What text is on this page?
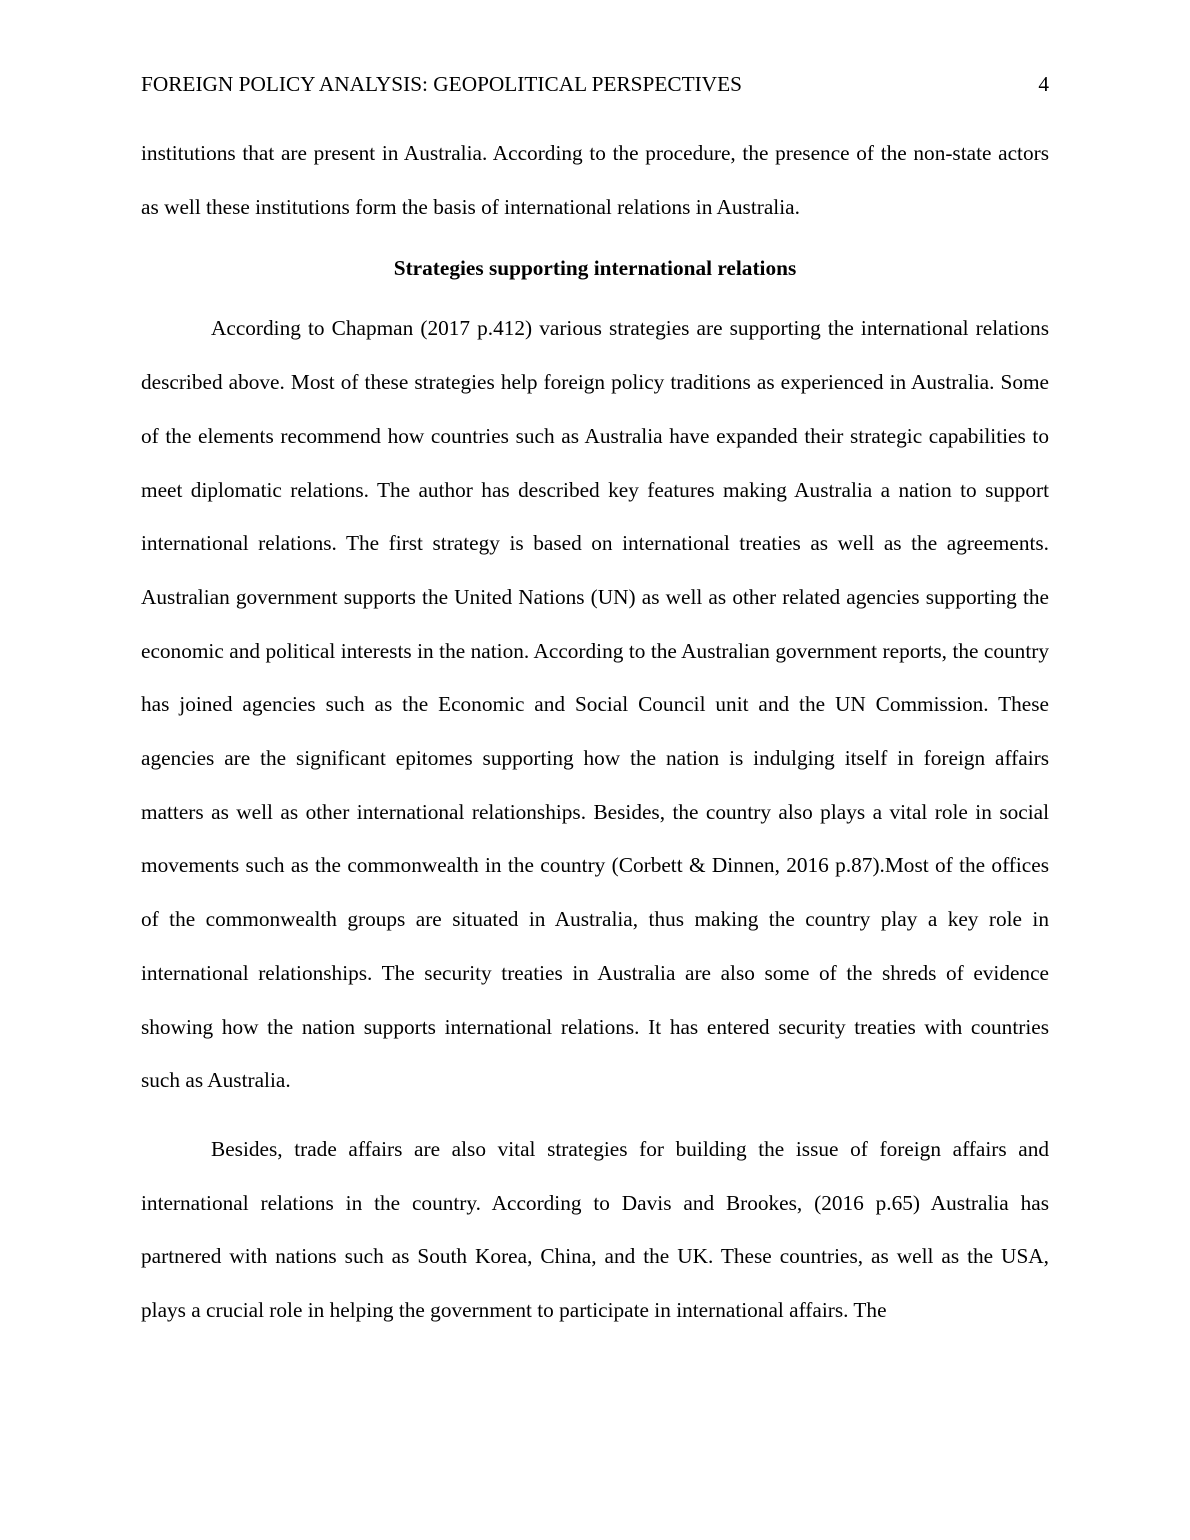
FOREIGN POLICY ANALYSIS: GEOPOLITICAL PERSPECTIVES	4

institutions that are present in Australia. According to the procedure, the presence of the non-state actors as well these institutions form the basis of international relations in Australia.

Strategies supporting international relations

According to Chapman (2017 p.412) various strategies are supporting the international relations described above. Most of these strategies help foreign policy traditions as experienced in Australia. Some of the elements recommend how countries such as Australia have expanded their strategic capabilities to meet diplomatic relations. The author has described key features making Australia a nation to support international relations. The first strategy is based on international treaties as well as the agreements. Australian government supports the United Nations (UN) as well as other related agencies supporting the economic and political interests in the nation. According to the Australian government reports, the country has joined agencies such as the Economic and Social Council unit and the UN Commission. These agencies are the significant epitomes supporting how the nation is indulging itself in foreign affairs matters as well as other international relationships. Besides, the country also plays a vital role in social movements such as the commonwealth in the country (Corbett & Dinnen, 2016 p.87).Most of the offices of the commonwealth groups are situated in Australia, thus making the country play a key role in international relationships. The security treaties in Australia are also some of the shreds of evidence showing how the nation supports international relations. It has entered security treaties with countries such as Australia.

Besides, trade affairs are also vital strategies for building the issue of foreign affairs and international relations in the country. According to Davis and Brookes, (2016 p.65) Australia has partnered with nations such as South Korea, China, and the UK. These countries, as well as the USA, plays a crucial role in helping the government to participate in international affairs. The
